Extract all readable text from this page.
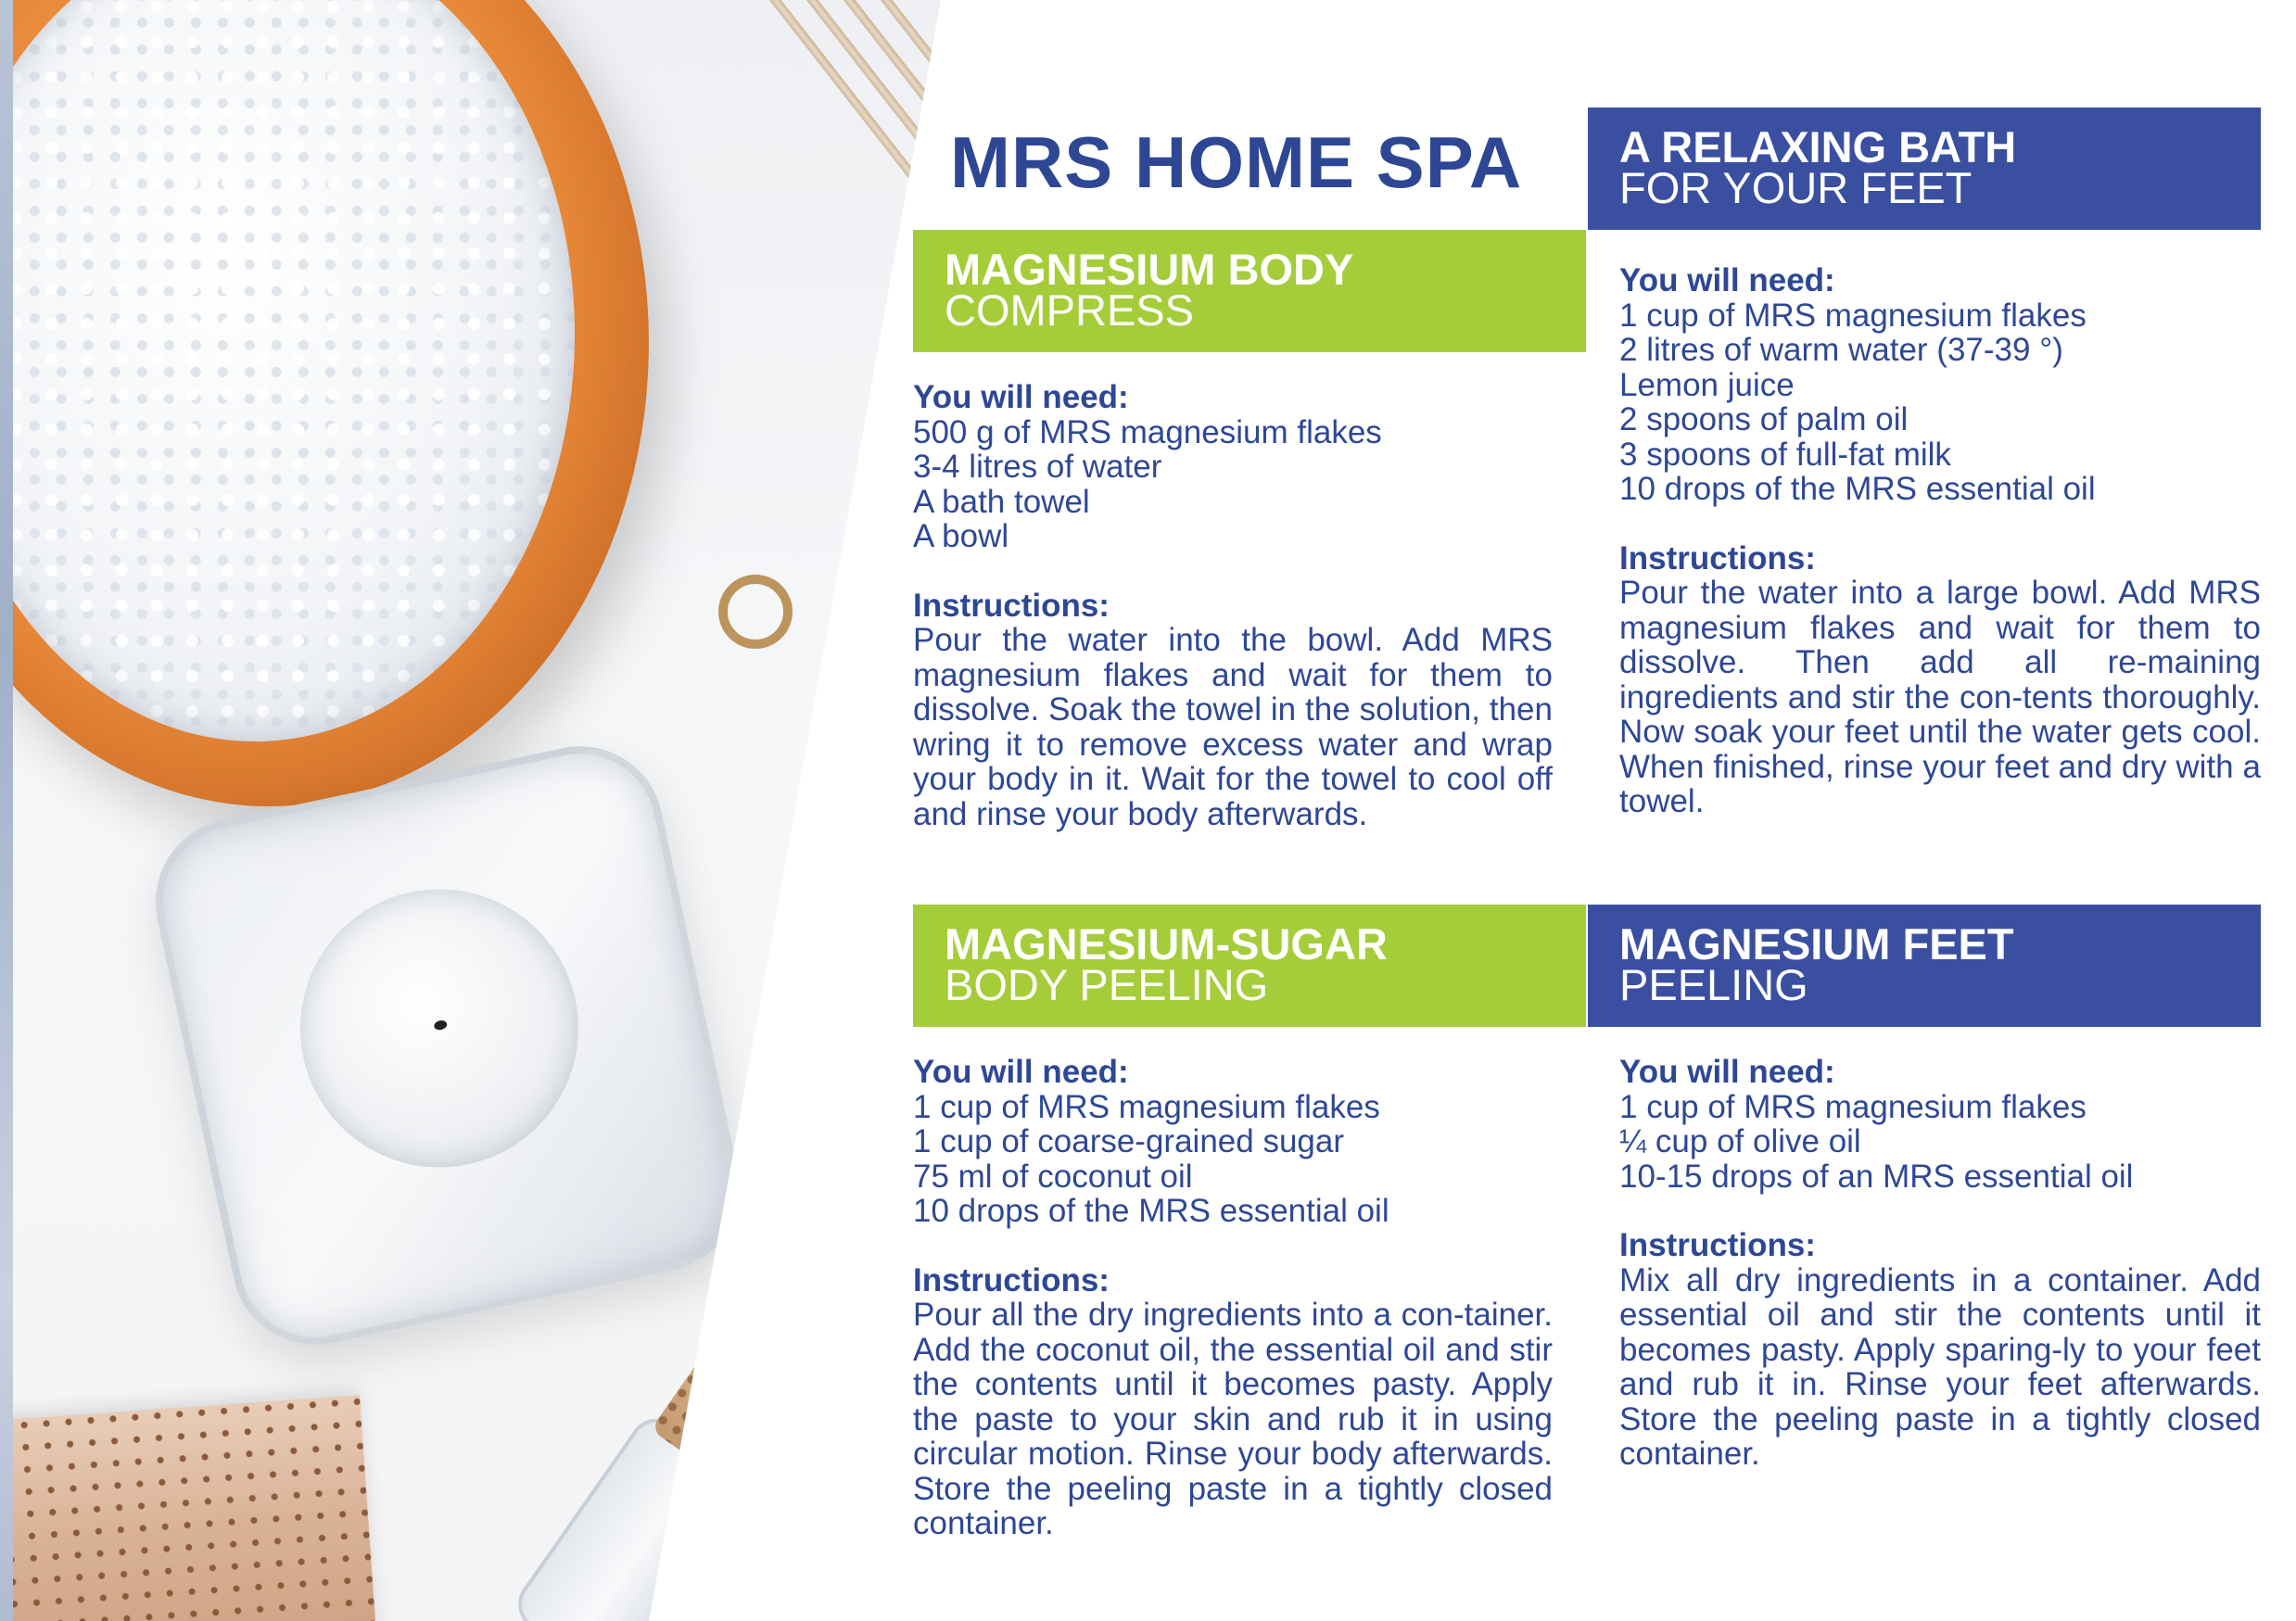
MRS HOME SPA
MAGNESIUM BODY
COMPRESS
You will need:
500 g of MRS magnesium flakes
3-4 litres of water
A bath towel
A bowl
Instructions:

Pour the water into the bowl. Add MRS magnesium flakes and wait for them to dissolve. Soak the towel in the solution, then wring it to remove excess water and wrap your body in it. Wait for the towel to cool off and rinse your body afterwards.

A RELAXING BATH
FOR YOUR FEET
You will need:
1 cup of MRS magnesium flakes
2 litres of warm water (37-39 °)
Lemon juice
2 spoons of palm oil
3 spoons of full-fat milk
10 drops of the MRS essential oil
Instructions:

Pour the water into a large bowl. Add MRS magnesium flakes and wait for them to dissolve. Then add all re-maining ingredients and stir the con-tents thoroughly. Now soak your feet until the water gets cool. When finished, rinse your feet and dry with a towel.

MAGNESIUM-SUGAR
BODY PEELING
You will need:
1 cup of MRS magnesium flakes
1 cup of coarse-grained sugar
75 ml of coconut oil
10 drops of the MRS essential oil
Instructions:

Pour all the dry ingredients into a con-tainer. Add the coconut oil, the essential oil and stir the contents until it becomes pasty. Apply the paste to your skin and rub it in using circular motion. Rinse your body afterwards. Store the peeling paste in a tightly closed container.

MAGNESIUM FEET
PEELING
You will need:
1 cup of MRS magnesium flakes
¼ cup of olive oil
10-15 drops of an MRS essential oil
Instructions:

Mix all dry ingredients in a container. Add essential oil and stir the contents until it becomes pasty. Apply sparing-ly to your feet and rub it in. Rinse your feet afterwards. Store the peeling paste in a tightly closed container.
